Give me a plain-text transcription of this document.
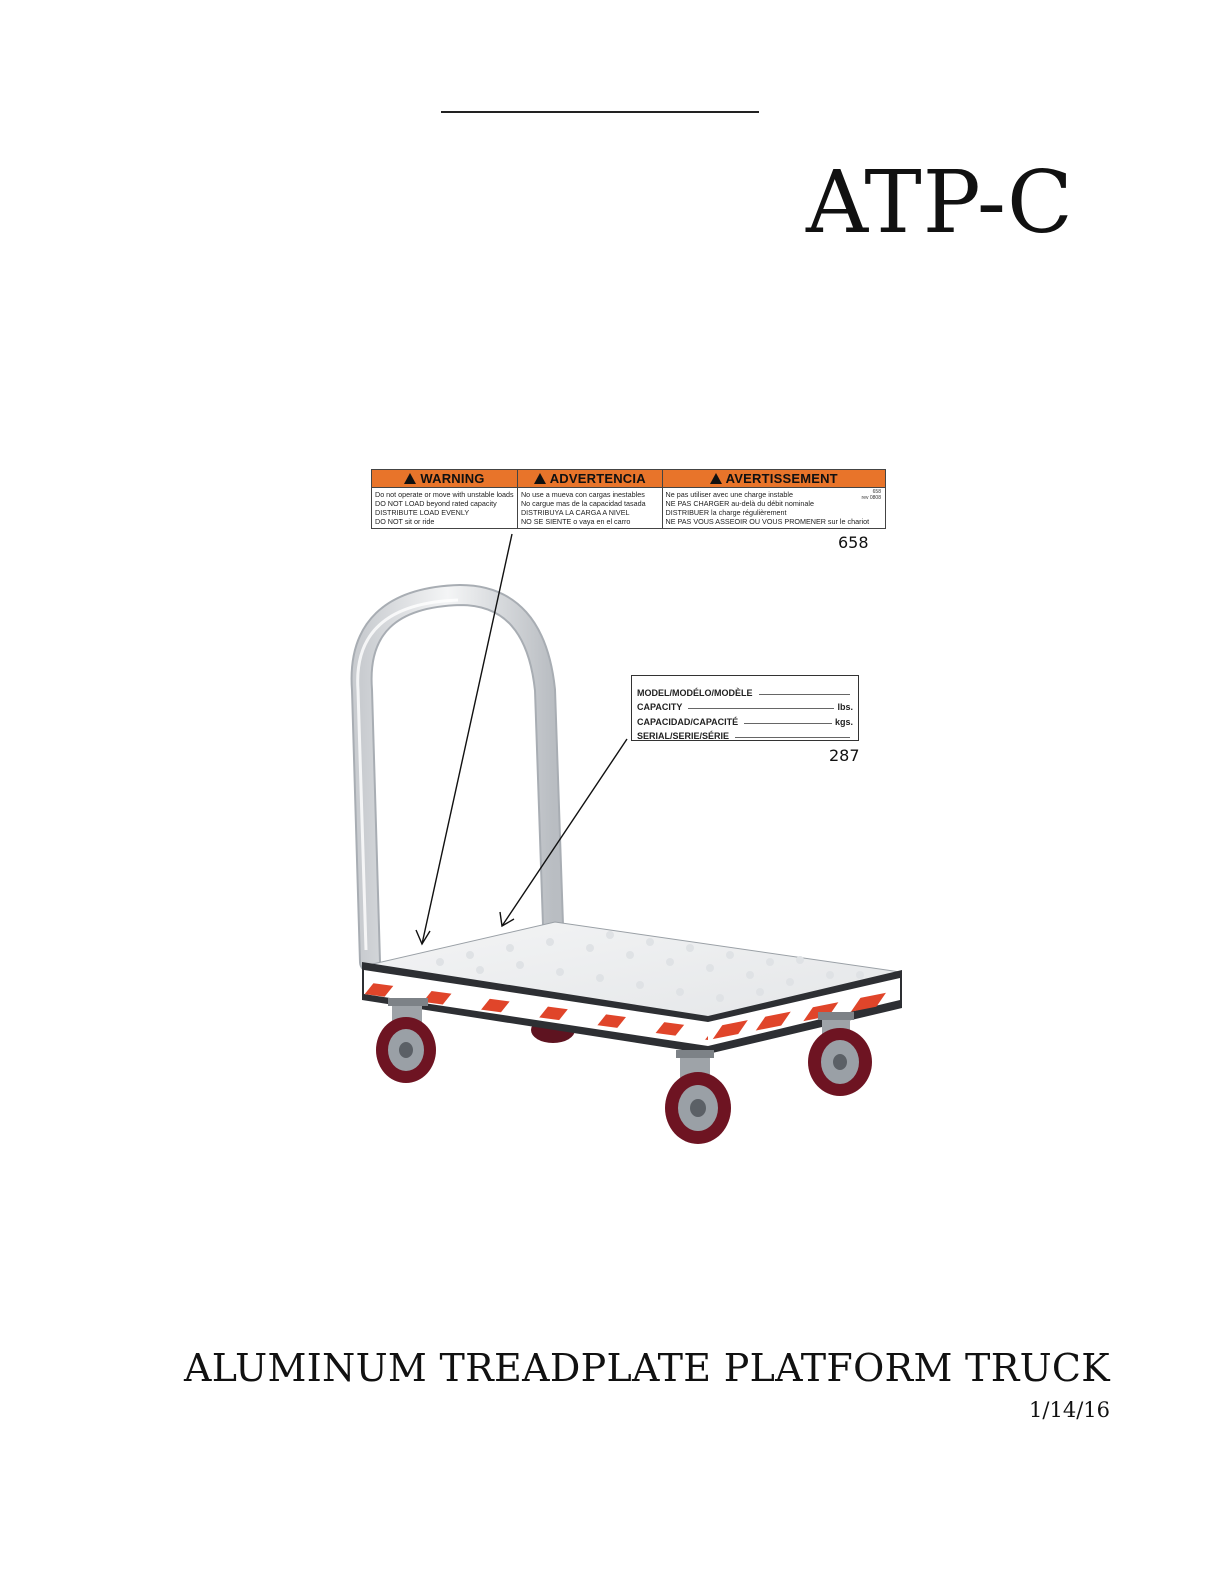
ATP-C
WARNING
Do not operate or move with unstable loads
DO NOT LOAD beyond rated capacity
DISTRIBUTE LOAD EVENLY
DO NOT sit or ride
ADVERTENCIA
No use a mueva con cargas inestables
No cargue mas de la capacidad tasada
DISTRIBUYA LA CARGA A NIVEL
NO SE SIENTE o vaya en el carro
AVERTISSEMENT
Ne pas utiliser avec une charge instable
NE PAS CHARGER au-delà du débit nominale
DISTRIBUER la charge régulièrement
NE PAS VOUS ASSEOIR OU VOUS PROMENER sur le chariot
658
rev 0808
658
MODEL/MODÉLO/MODÈLE
CAPACITY	lbs.
CAPACIDAD/CAPACITÉ	kgs.
SERIAL/SERIE/SÉRIE
287
ALUMINUM TREADPLATE PLATFORM TRUCK
1/14/16
